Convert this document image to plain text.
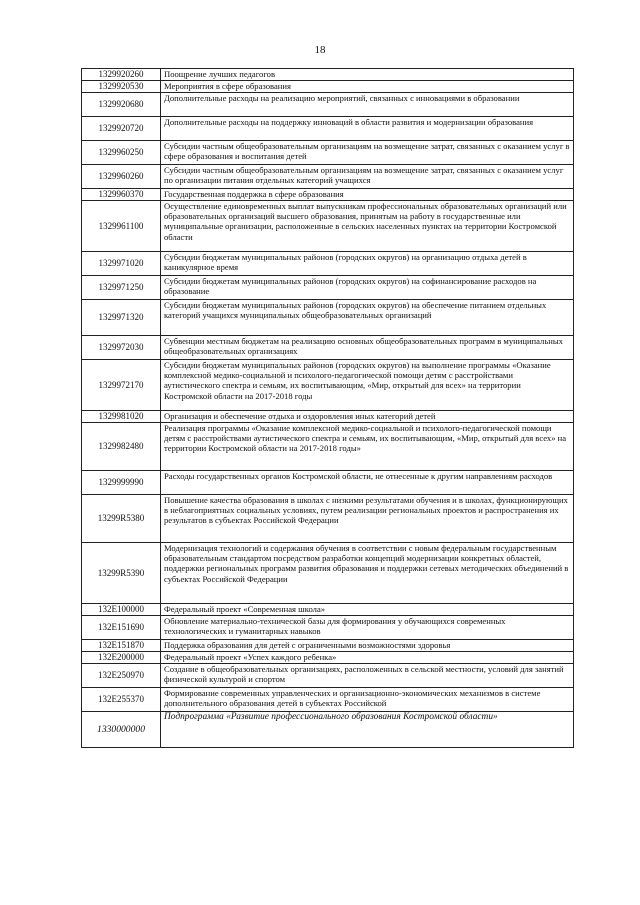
18
1329920260	Поощрение лучших педагогов
1329920530	Мероприятия в сфере образования
1329920680	Дополнительные расходы на реализацию мероприятий, связанных с инновациями в образовании
1329920720	Дополнительные расходы на поддержку инноваций в области развития и модернизации образования
1329960250	Субсидии частным общеобразовательным организациям на возмещение затрат, связанных с оказанием услуг в сфере образования и воспитания детей
1329960260	Субсидии частным общеобразовательным организациям на возмещение затрат, связанных с оказанием услуг по организации питания отдельных категорий учащихся
1329960370	Государственная поддержка в сфере образования
1329961100	Осуществление единовременных выплат выпускникам профессиональных образовательных организаций или образовательных организаций высшего образования, принятым на работу в государственные или муниципальные организации, расположенные в сельских населенных пунктах на территории Костромской области
1329971020	Субсидии бюджетам муниципальных районов (городских округов) на организацию отдыха детей в каникулярное время
1329971250	Субсидии бюджетам муниципальных районов (городских округов) на софинансирование расходов на образование
1329971320	Субсидии бюджетам муниципальных районов (городских округов) на обеспечение питанием отдельных категорий учащихся муниципальных общеобразовательных организаций
1329972030	Субвенции местным бюджетам на реализацию основных общеобразовательных программ в муниципальных общеобразовательных организациях
1329972170	Субсидии бюджетам муниципальных районов (городских округов) на выполнение программы «Оказание комплексной медико-социальной и психолого-педагогической помощи детям с расстройствами аутистического спектра и семьям, их воспитывающим, «Мир, открытый для всех» на территории Костромской области на 2017-2018 годы
1329981020	Организация и обеспечение отдыха и оздоровления иных категорий детей
1329982480	Реализация программы «Оказание комплексной медико-социальной и психолого-педагогической помощи детям с расстройствами аутистического спектра и семьям, их воспитывающим, «Мир, открытый для всех» на территории Костромской области на 2017-2018 годы»
1329999990	Расходы государственных органов Костромской области, не отнесенные к другим направлениям расходов
13299R5380	Повышение качества образования в школах с низкими результатами обучения и в школах, функционирующих в неблагоприятных социальных условиях, путем реализации региональных проектов и распространения их результатов в субъектах Российской Федерации
13299R5390	Модернизация технологий и содержания обучения в соответствии с новым федеральным государственным образовательным стандартом посредством разработки концепций модернизации конкретных областей, поддержки региональных программ развития образования и поддержки сетевых методических объединений в субъектах Российской Федерации
132E100000	Федеральный проект «Современная школа»
132E151690	Обновление материально-технической базы для формирования у обучающихся современных технологических и гуманитарных навыков
132E151870	Поддержка образования для детей с ограниченными возможностями здоровья
132E200000	Федеральный проект «Успех каждого ребенка»
132E250970	Создание в общеобразовательных организациях, расположенных в сельской местности, условий для занятий физической культурой и спортом
132E255370	Формирование современных управленческих и организационно-экономических механизмов в системе дополнительного образования детей в субъектах Российской
1330000000	Подпрограмма «Развитие профессионального образования Костромской области»
